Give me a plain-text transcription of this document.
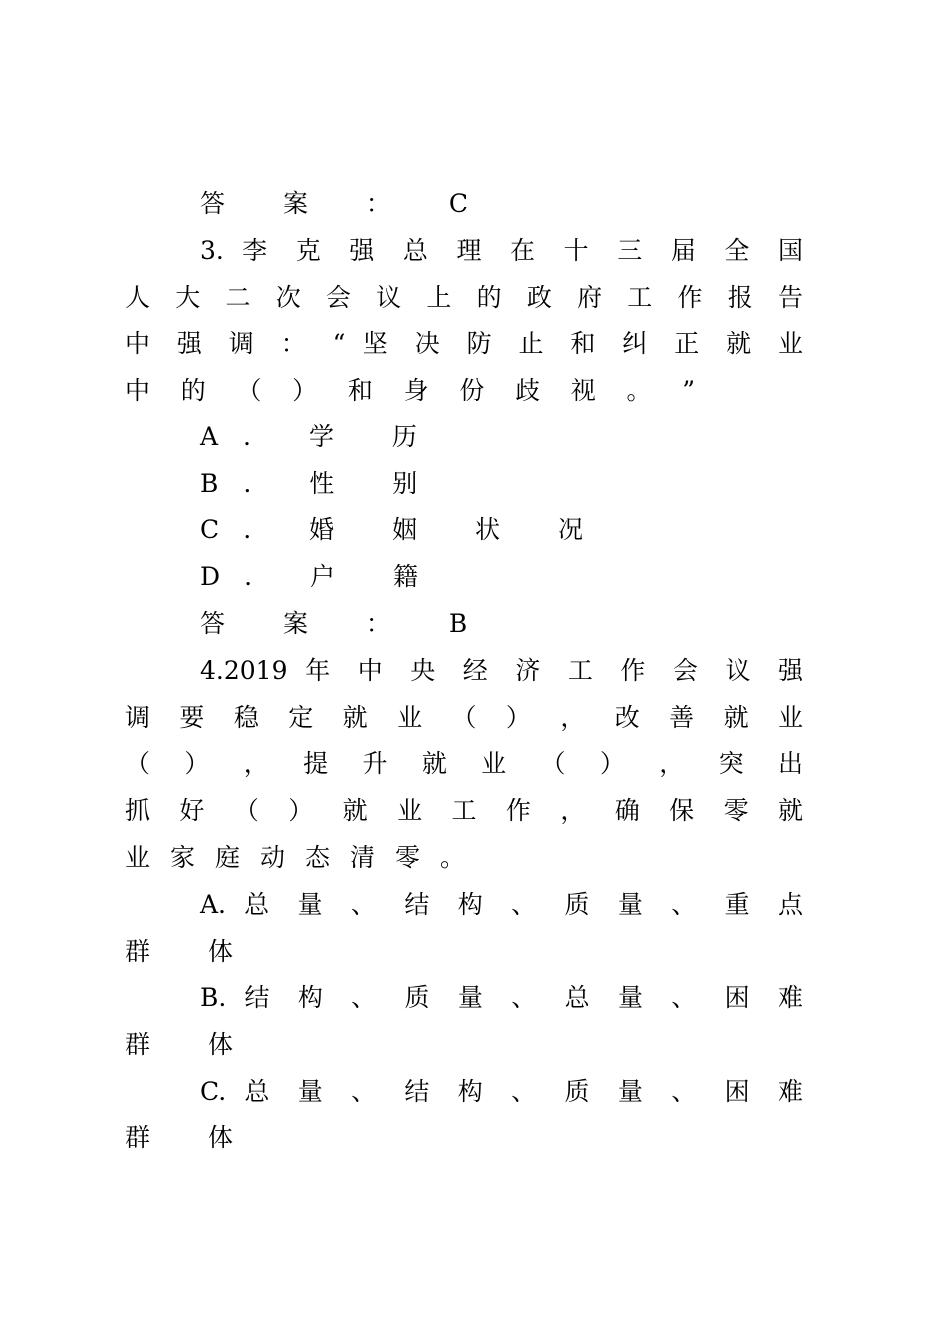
答 案 ： C
3. 李 克 强 总 理 在 十 三 届 全 国
人 大 二 次 会 议 上 的 政 府 工 作 报 告
中 强 调 ： “ 坚 决 防 止 和 纠 正 就 业
中 的 （ ） 和 身 份 歧 视 。 ”
A. 学 历
B. 性 别
C. 婚 姻 状 况
D. 户 籍
答 案 ： B
4.2019 年 中 央 经 济 工 作 会 议 强
调 要 稳 定 就 业 （ ） ， 改 善 就 业
（ ） ， 提 升 就 业 （ ） ， 突 出
抓 好 （ ） 就 业 工 作 ， 确 保 零 就
业 家 庭 动 态 清 零 。
A. 总 量 、 结 构 、 质 量 、 重 点
群 体
B. 结 构 、 质 量 、 总 量 、 困 难
群 体
C. 总 量 、 结 构 、 质 量 、 困 难
群 体
